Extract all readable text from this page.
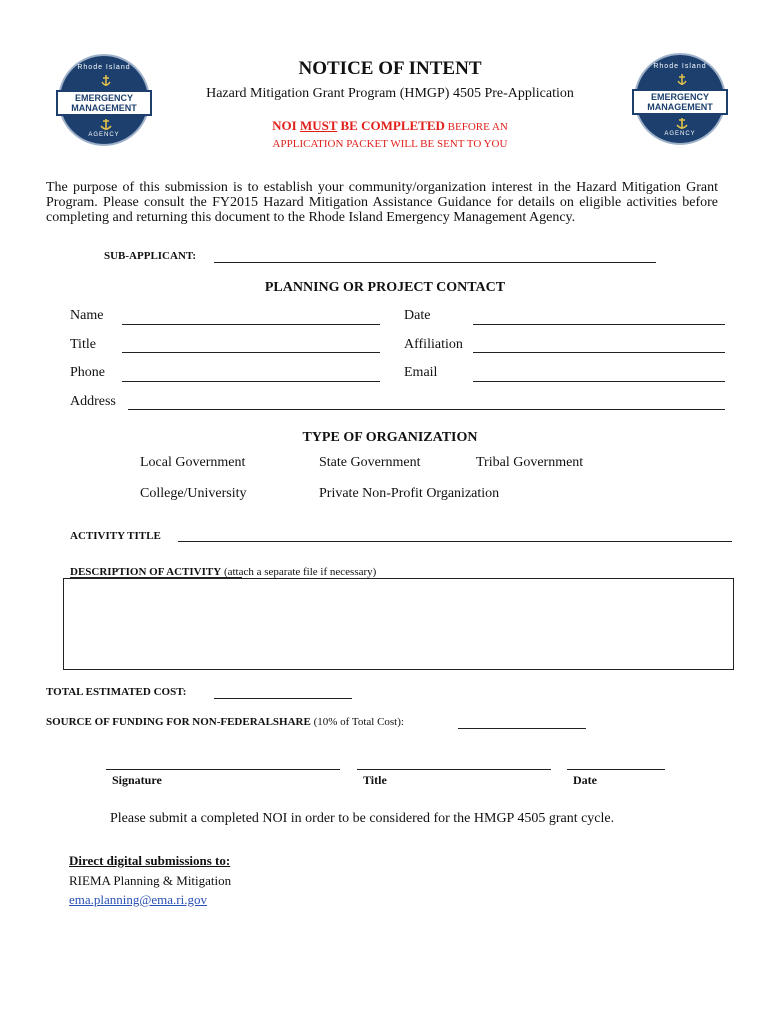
Rhode Island
EMERGENCY
MANAGEMENT
AGENCY
Rhode Island
EMERGENCY
MANAGEMENT
AGENCY
NOTICE OF INTENT
Hazard Mitigation Grant Program (HMGP) 4505 Pre-Application
NOI MUST BE COMPLETED BEFORE AN
APPLICATION PACKET WILL BE SENT TO YOU
The purpose of this submission is to establish your community/organization interest in the Hazard Mitigation Grant Program. Please consult the FY2015 Hazard Mitigation Assistance Guidance for details on eligible activities before completing and returning this document to the Rhode Island Emergency Management Agency.
SUB-APPLICANT:
PLANNING OR PROJECT CONTACT
Name	Date
Title	Affiliation
Phone	Email
Address
TYPE OF ORGANIZATION
Local Government	State Government	Tribal Government
College/University	Private Non-Profit Organization
ACTIVITY TITLE
DESCRIPTION OF ACTIVITY (attach a separate file if necessary)
TOTAL ESTIMATED COST:
SOURCE OF FUNDING FOR NON-FEDERALSHARE (10% of Total Cost):
Signature	Title	Date
Please submit a completed NOI in order to be considered for the HMGP 4505 grant cycle.
Direct digital submissions to:
RIEMA Planning & Mitigation
ema.planning@ema.ri.gov
